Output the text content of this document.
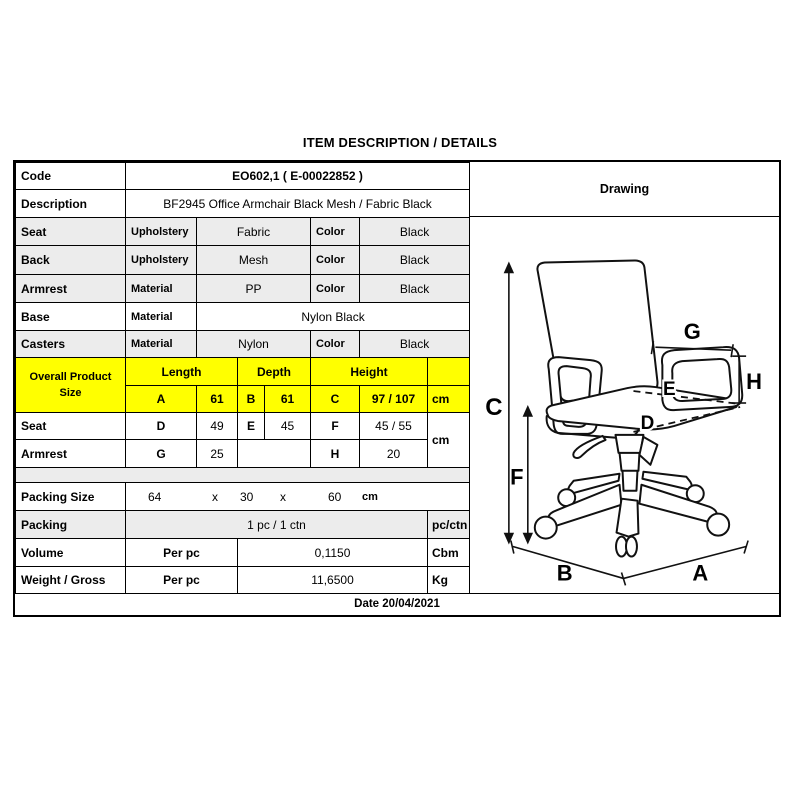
ITEM DESCRIPTION / DETAILS
Code	EO602,1 ( E-00022852 )						
Description	BF2945 Office Armchair Black Mesh / Fabric Black						
Seat	Upholstery	Fabric			Color	Black	
Back	Upholstery	Mesh			Color	Black	
Armrest	Material	PP			Color	Black	
Base	Material	Nylon Black					
Casters	Material	Nylon			Color	Black	
Overall Product Size	Length		Depth		Height		
	A	61	B	61	C	97 / 107	cm
Seat	D	49	E	45	F	45 / 55	cm
Armrest	G	25			H	20	

Packing Size	64	x 30 x	60 cm

Packing	1 pc / 1 ctn						pc/ctn
Volume	Per pc		0,1150				Cbm
Weight / Gross	Per pc		11,6500				Kg
Drawing
C
F
G
H
E
D
A
B
Date 20/04/2021
